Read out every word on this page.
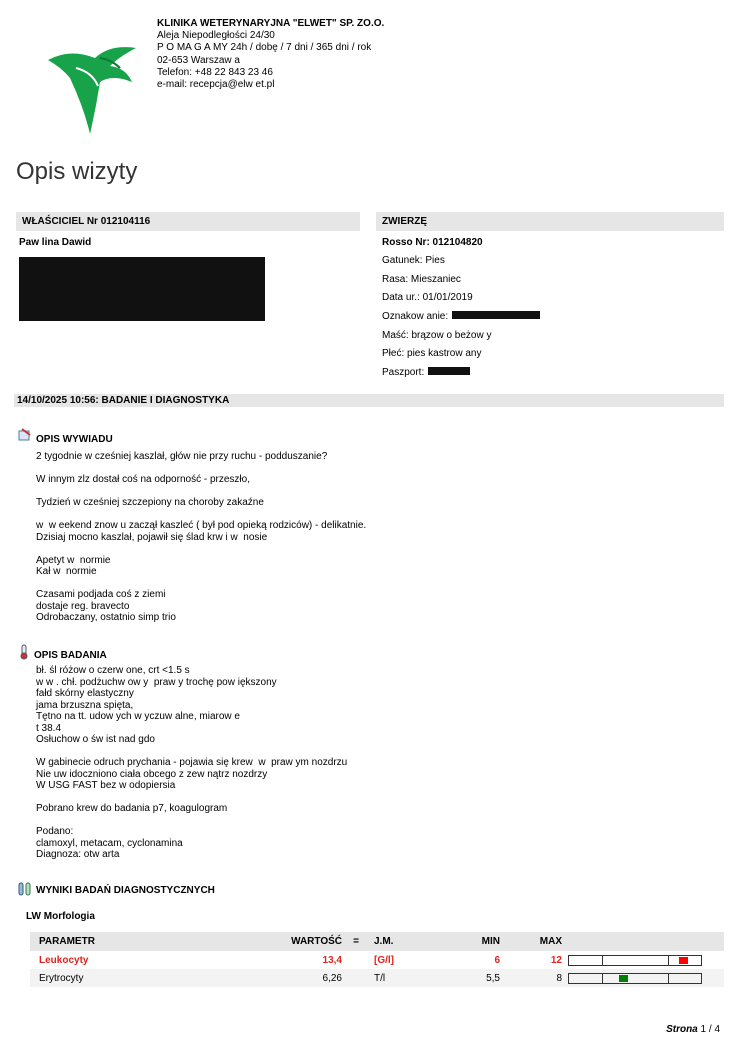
KLINIKA WETERYNARYJNA "ELWET" SP. ZO.O.
Aleja Niepodległości 24/30
P O MA G A MY 24h / dobę / 7 dni / 365 dni / rok
02-653 Warszaw a
Telefon: +48 22 843 23 46
e-mail: recepcja@elw et.pl
Opis wizyty
WŁAŚCICIEL Nr 012104116
Paw lina Dawid
ZWIERZĘ
Rosso Nr: 012104820
Gatunek: Pies
Rasa: Mieszaniec
Data ur.: 01/01/2019
Oznakow anie:
Maść: brązow o beżow y
Płeć: pies kastrow any
Paszport:
14/10/2025 10:56: BADANIE I DIAGNOSTYKA
OPIS WYWIADU
2 tygodnie w cześniej kaszlał, głów nie przy ruchu - podduszanie?

W innym zlz dostał coś na odporność - przeszło,

Tydzień w cześniej szczepiony na choroby zakaźne

w  w eekend znow u zaczął kaszleć ( był pod opieką rodziców) - delikatnie.
Dzisiaj mocno kaszlał, pojawił się ślad krw i w  nosie

Apetyt w  normie
Kał w  normie

Czasami podjada coś z ziemi
dostaje reg. bravecto
Odrobaczany, ostatnio simp trio
OPIS BADANIA
bł. śl różow o czerw one, crt <1.5 s
w w . chł. podżuchw ow y  praw y trochę pow iększony
fałd skórny elastyczny
jama brzuszna spięta,
Tętno na tt. udow ych w yczuw alne, miarow e
t 38.4
Osłuchow o św ist nad gdo

W gabinecie odruch prychania - pojawia się krew  w  praw ym nozdrzu
Nie uw idoczniono ciała obcego z zew nątrz nozdrzy
W USG FAST bez w odopiersia

Pobrano krew do badania p7, koagulogram

Podano:
clamoxyl, metacam, cyclonamina
Diagnoza: otw arta
WYNIKI BADAŃ DIAGNOSTYCZNYCH
LW Morfologia
PARAMETR	WARTOŚĆ	=	J.M.	MIN	MAX	
Leukocyty	13,4		[G/l]	6	12	

Erytrocyty	6,26		T/l	5,5	8	
Strona 1 / 4
